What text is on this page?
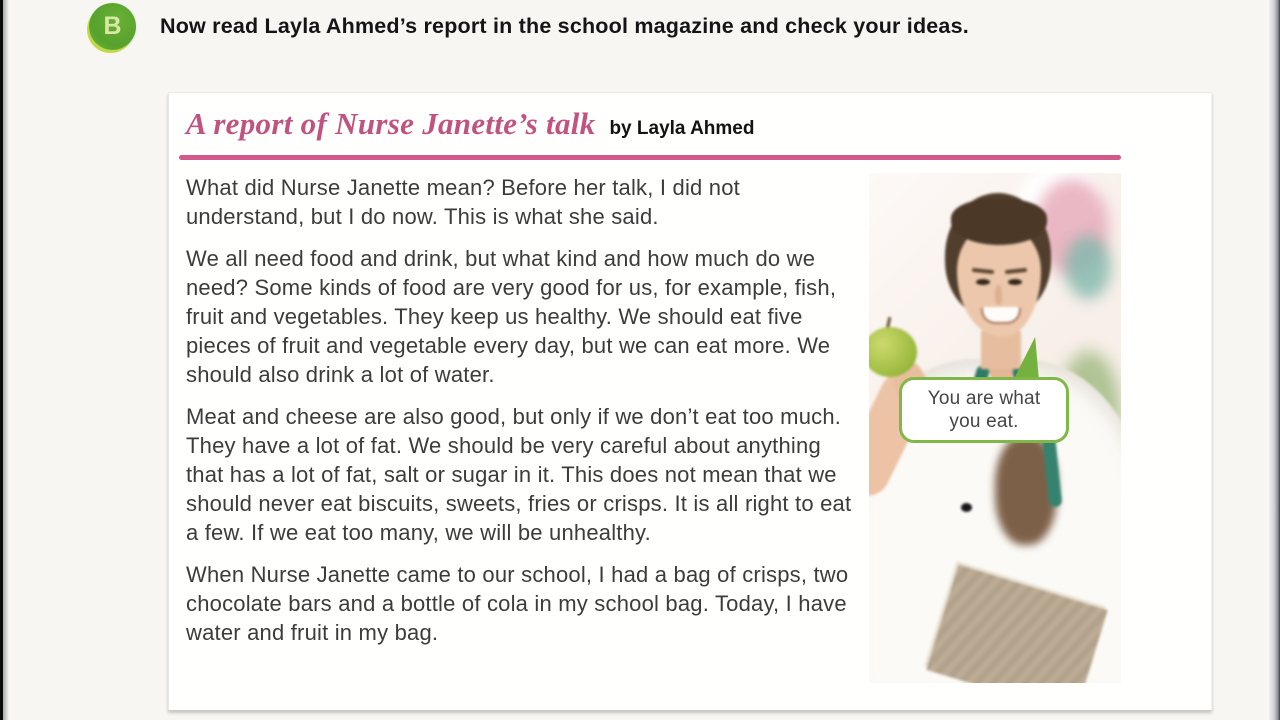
B Now read Layla Ahmed’s report in the school magazine and check your ideas.
A report of Nurse Janette’s talk by Layla Ahmed

What did Nurse Janette mean? Before her talk, I did not understand, but I do now. This is what she said.

We all need food and drink, but what kind and how much do we need? Some kinds of food are very good for us, for example, fish, fruit and vegetables. They keep us healthy. We should eat five pieces of fruit and vegetable every day, but we can eat more. We should also drink a lot of water.

Meat and cheese are also good, but only if we don’t eat too much. They have a lot of fat. We should be very careful about anything that has a lot of fat, salt or sugar in it. This does not mean that we should never eat biscuits, sweets, fries or crisps. It is all right to eat a few. If we eat too many, we will be unhealthy.

When Nurse Janette came to our school, I had a bag of crisps, two chocolate bars and a bottle of cola in my school bag. Today, I have water and fruit in my bag.

You are what you eat.
